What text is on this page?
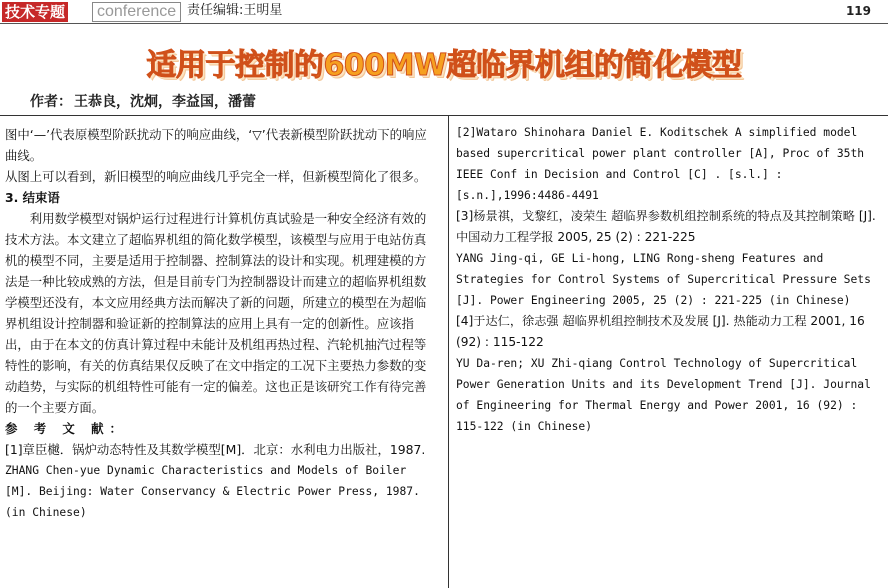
技术专题	conference 责任编辑:王明星	119
适用于控制的600MW超临界机组的简化模型
作者： 王恭良，沈炯，李益国，潘蕾

图中‘—’代表原模型阶跃扰动下的响应曲线，‘▽’代表新模型阶跃扰动下的响应曲线。

从图上可以看到，新旧模型的响应曲线几乎完全一样，但新模型简化了很多。

3. 结束语

利用数学模型对锅炉运行过程进行计算机仿真试验是一种安全经济有效的技术方法。本文建立了超临界机组的简化数学模型，该模型与应用于电站仿真机的模型不同，主要是适用于控制器、控制算法的设计和实现。机理建模的方法是一种比较成熟的方法，但是目前专门为控制器设计而建立的超临界机组数学模型还没有，本文应用经典方法而解决了新的问题，所建立的模型在为超临界机组设计控制器和验证新的控制算法的应用上具有一定的创新性。应该指出，由于在本文的仿真计算过程中未能计及机组再热过程、汽轮机抽汽过程等特性的影响，有关的仿真结果仅反映了在文中指定的工况下主要热力参数的变动趋势，与实际的机组特性可能有一定的偏差。这也正是该研究工作有待完善的一个主要方面。

参 考 文 献：

[1]章臣樾．锅炉动态特性及其数学模型[M]．北京：水利电力出版社，1987.

ZHANG Chen-yue Dynamic Characteristics and Models of Boiler [M]. Beijing: Water Conservancy & Electric Power Press, 1987. (in Chinese)

[2]Wataro Shinohara Daniel E. Koditschek A simplified model based supercritical power plant controller [A], Proc of 35th IEEE Conf in Decision and Control [C] . [s.l.] : [s.n.],1996:4486-4491

[3]杨景祺，戈黎红，凌荣生 超临界参数机组控制系统的特点及其控制策略 [J]. 中国动力工程学报 2005, 25 (2) : 221-225

YANG Jing-qi, GE Li-hong, LING Rong-sheng Features and Strategies for Control Systems of Supercritical Pressure Sets [J]. Power Engineering 2005, 25 (2) : 221-225 (in Chinese)

[4]于达仁，徐志强 超临界机组控制技术及发展 [J]. 热能动力工程 2001, 16 (92) : 115-122

YU Da-ren; XU Zhi-qiang Control Technology of Supercritical Power Generation Units and its Development Trend [J]. Journal of Engineering for Thermal Energy and Power 2001, 16 (92) : 115-122 (in Chinese)
